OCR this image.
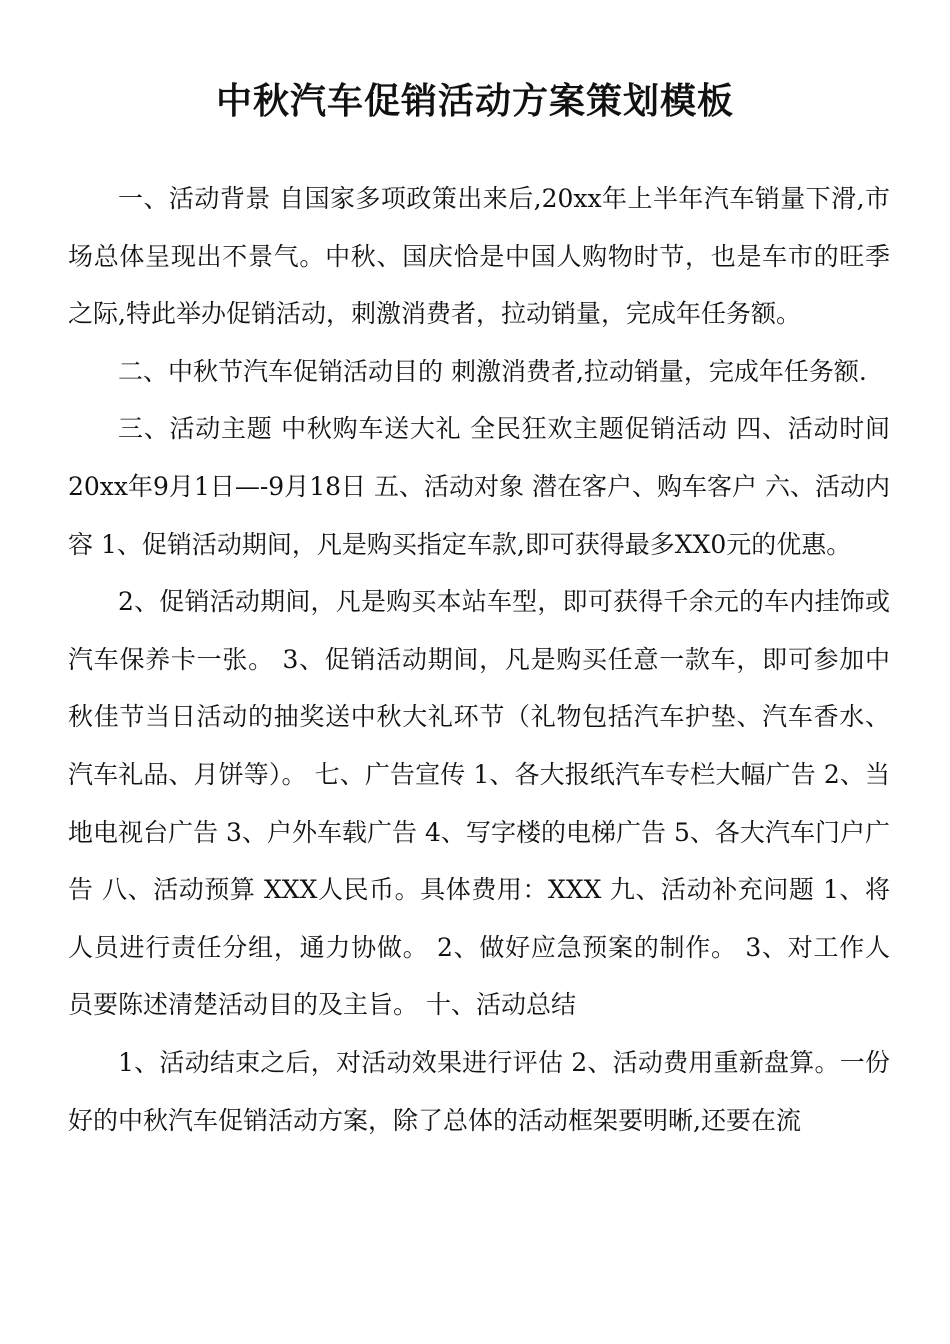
中秋汽车促销活动方案策划模板

一、活动背景 自国家多项政策出来后,20xx年上半年汽车销量下滑,市场总体呈现出不景气。中秋、国庆恰是中国人购物时节，也是车市的旺季之际,特此举办促销活动，刺激消费者，拉动销量，完成年任务额。

二、中秋节汽车促销活动目的 刺激消费者,拉动销量，完成年任务额.

三、活动主题 中秋购车送大礼 全民狂欢主题促销活动 四、活动时间 20xx年9月1日—-9月18日 五、活动对象 潜在客户、购车客户 六、活动内容 1、促销活动期间，凡是购买指定车款,即可获得最多XX0元的优惠。

2、促销活动期间，凡是购买本站车型，即可获得千余元的车内挂饰或汽车保养卡一张。 3、促销活动期间，凡是购买任意一款车，即可参加中秋佳节当日活动的抽奖送中秋大礼环节（礼物包括汽车护垫、汽车香水、汽车礼品、月饼等）。 七、广告宣传 1、各大报纸汽车专栏大幅广告 2、当地电视台广告 3、户外车载广告 4、写字楼的电梯广告 5、各大汽车门户广告 八、活动预算 XXX人民币。具体费用：XXX 九、活动补充问题 1、将人员进行责任分组，通力协做。 2、做好应急预案的制作。 3、对工作人员要陈述清楚活动目的及主旨。 十、活动总结

1、活动结束之后，对活动效果进行评估 2、活动费用重新盘算。一份好的中秋汽车促销活动方案，除了总体的活动框架要明晰,还要在流
